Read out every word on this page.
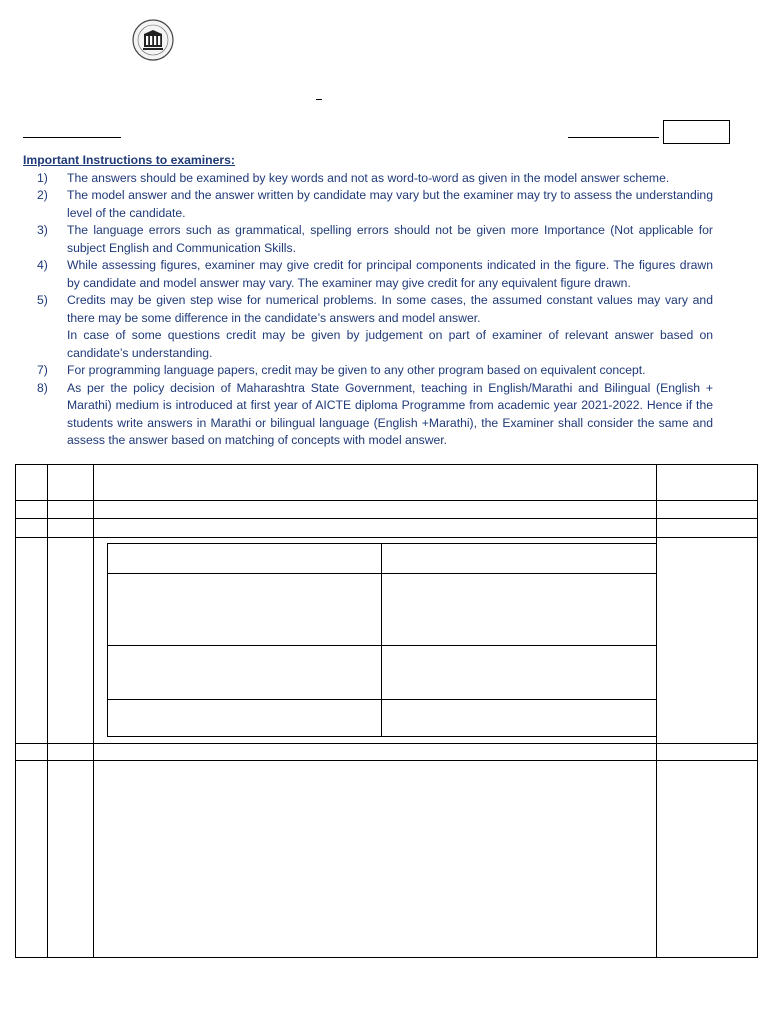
Important Instructions to examiners:
1)	The answers should be examined by key words and not as word-to-word as given in the model answer scheme.
2)	The model answer and the answer written by candidate may vary but the examiner may try to assess the understanding level of the candidate.
3)	The language errors such as grammatical, spelling errors should not be given more Importance (Not applicable for subject English and Communication Skills.
4)	While assessing figures, examiner may give credit for principal components indicated in the figure. The figures drawn by candidate and model answer may vary. The examiner may give credit for any equivalent figure drawn.
5)	Credits may be given step wise for numerical problems. In some cases, the assumed constant values may vary and there may be some difference in the candidate’s answers and model answer.
In case of some questions credit may be given by judgement on part of examiner of relevant answer based on candidate’s understanding.
7)	For programming language papers, credit may be given to any other program based on equivalent concept.
8)	As per the policy decision of Maharashtra State Government, teaching in English/Marathi and Bilingual (English + Marathi) medium is introduced at first year of AICTE diploma Programme from academic year 2021-2022. Hence if the students write answers in Marathi or bilingual language (English +Marathi), the Examiner shall consider the same and assess the answer based on matching of concepts with model answer.
